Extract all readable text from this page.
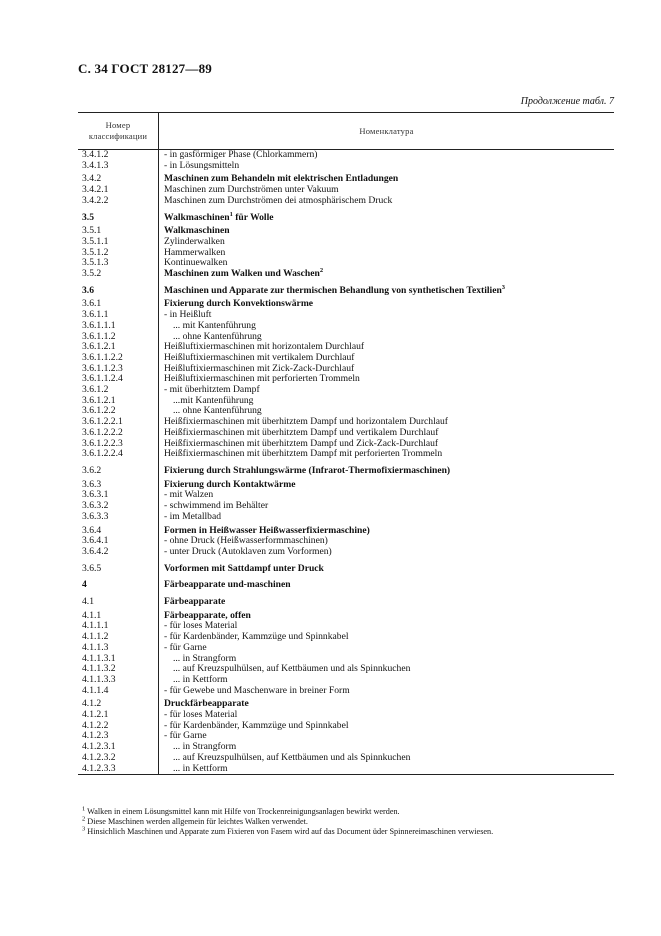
С. 34 ГОСТ 28127—89
Продолжение табл. 7
Номер
классификации	Номенклатура
3.4.1.2
3.4.1.3
3.4.2
3.4.2.1
3.4.2.2
3.5
3.5.1
3.5.1.1
3.5.1.2
3.5.1.3
3.5.2
3.6
3.6.1
3.6.1.1
3.6.1.1.1
3.6.1.1.2
3.6.1.2.1
3.6.1.1.2.2
3.6.1.1.2.3
3.6.1.1.2.4
3.6.1.2
3.6.1.2.1
3.6.1.2.2
3.6.1.2.2.1
3.6.1.2.2.2
3.6.1.2.2.3
3.6.1.2.2.4
3.6.2
3.6.3
3.6.3.1
3.6.3.2
3.6.3.3
3.6.4
3.6.4.1
3.6.4.2
3.6.5
4
4.1
4.1.1
4.1.1.1
4.1.1.2
4.1.1.3
4.1.1.3.1
4.1.1.3.2
4.1.1.3.3
4.1.1.4
4.1.2
4.1.2.1
4.1.2.2
4.1.2.3
4.1.2.3.1
4.1.2.3.2
4.1.2.3.3
- in gasförmiger Phase (Chlorkammern)
- in Lösungsmitteln
Maschinen zum Behandeln mit elektrischen Entladungen
Maschinen zum Durchströmen unter Vakuum
Maschinen zum Durchströmen dei atmosphärischem Druck
Walkmaschinen$^1$ für Wolle
Walkmaschinen
Zylinderwalken
Hammerwalken
Kontinuewalken
Maschinen zum Walken und Waschen$^2$
Maschinen und Apparate zur thermischen Behandlung von synthetischen Textilien$^3$
Fixierung durch Konvektionswärme
- in Heißluft
... mit Kantenführung
... ohne Kantenführung
Heißluftixiermaschinen mit horizontalem Durchlauf
Heißluftixiermaschinen mit vertikalem Durchlauf
Heißluftixiermaschinen mit Zick-Zack-Durchlauf
Heißluftixiermaschinen mit perforierten Trommeln
- mit überhitztem Dampf
...mit Kantenführung
... ohne Kantenführung
Heißfixiermaschinen mit überhitztem Dampf und horizontalem Durchlauf
Heißfixiermaschinen mit überhitztem Dampf und vertikalem Durchlauf
Heißfixiermaschinen mit überhitztem Dampf und Zick-Zack-Durchlauf
Heißfixiermaschinen mit überhitztem Dampf mit perforierten Trommeln
Fixierung durch Strahlungswärme (Infrarot-Thermofixiermaschinen)
Fixierung durch Kontaktwärme
- mit Walzen
- schwimmend im Behälter
- im Metallbad
Formen in Heißwasser Heißwasserfixiermaschine)
- ohne Druck (Heißwasserformmaschinen)
- unter Druck (Autoklaven zum Vorformen)
Vorformen mit Sattdampf unter Druck
Färbeapparate und-maschinen
Färbeapparate
Färbeapparate, offen
- für loses Material
- für Kardenbänder, Kammzüge und Spinnkabel
- für Garne
... in Strangform
... auf Kreuzspulhülsen, auf Kettbäumen und als Spinnkuchen
... in Kettform
- für Gewebe und Maschenware in breiner Form
Druckfärbeapparate
- für loses Material
- für Kardenbänder, Kammzüge und Spinnkabel
- für Garne
... in Strangform
... auf Kreuzspulhülsen, auf Kettbäumen und als Spinnkuchen
... in Kettform
$^1$ Walken in einem Lösungsmittel kann mit Hilfe von Trockenreinigungsanlagen bewirkt werden.
$^2$ Diese Maschinen werden allgemein für leichtes Walken verwendet.
$^3$ Hinsichlich Maschinen und Apparate zum Fixieren von Fasem wird auf das Document üder Spinnereimaschinen verwiesen.
